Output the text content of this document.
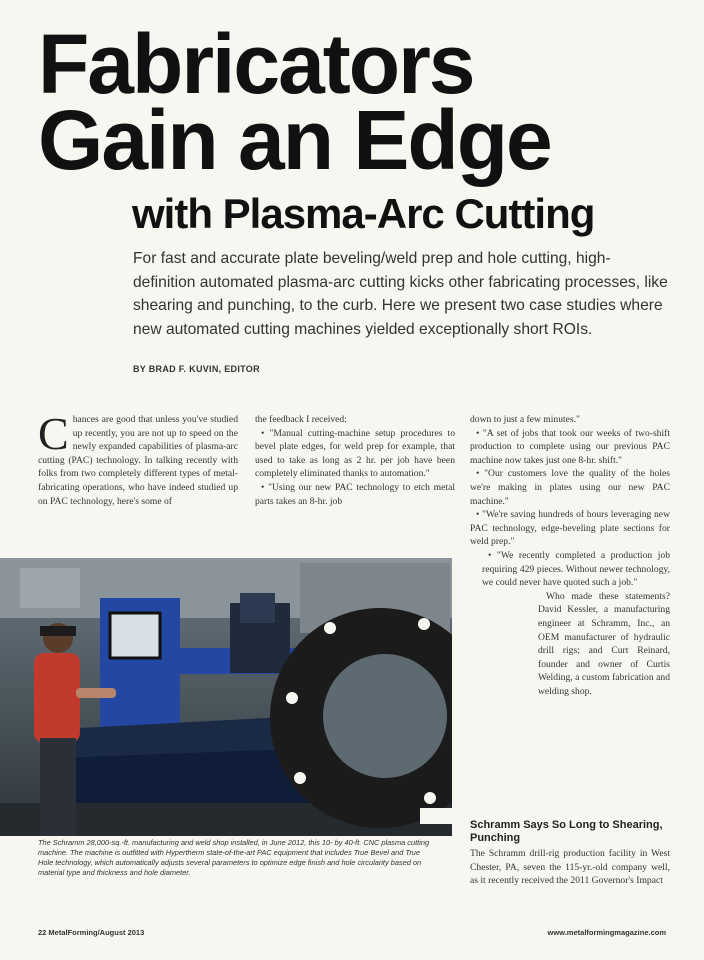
Fabricators
Gain an Edge
with Plasma-Arc Cutting
For fast and accurate plate beveling/weld prep and hole cutting, high-definition automated plasma-arc cutting kicks other fabricating processes, like shearing and punching, to the curb. Here we present two case studies where new automated cutting machines yielded exceptionally short ROIs.
BY BRAD F. KUVIN, EDITOR
C hances are good that unless you've studied up recently, you are not up to speed on the newly expanded capabilities of plasma-arc cutting (PAC) technology. In talking recently with folks from two completely different types of metal-fabricating operations, who have indeed studied up on PAC technology, here's some of

the feedback I received:

• "Manual cutting-machine setup procedures to bevel plate edges, for weld prep for example, that used to take as long as 2 hr. per job have been completely eliminated thanks to automation."

• "Using our new PAC technology to etch metal parts takes an 8-hr. job

down to just a few minutes."

• "A set of jobs that took our weeks of two-shift production to complete using our previous PAC machine now takes just one 8-hr. shift."

• "Our customers love the quality of the holes we're making in plates using our new PAC machine."

• "We're saving hundreds of hours leveraging new PAC technology, edge-beveling plate sections for weld prep."

• "We recently completed a production job requiring 429 pieces. Without newer technology, we could never have quoted such a job."

Who made these statements? David Kessler, a manufacturing engineer at Schramm, Inc., an OEM manufacturer of hydraulic drill rigs; and Curt Reinard, founder and owner of Curtis Welding, a custom fabrication and welding shop.

The Schramm 28,000-sq.-ft. manufacturing and weld shop installed, in June 2012, this 10- by 40-ft. CNC plasma cutting machine. The machine is outfitted with Hypertherm state-of-the-art PAC equipment that includes True Bevel and True Hole technology, which automatically adjusts several parameters to optimize edge finish and hole circularity based on material type and thickness and hole diameter.
Schramm Says So Long to Shearing, Punching
The Schramm drill-rig production facility in West Chester, PA, seven the 115-yr.-old company well, as it recently received the 2011 Governor's Impact
22 MetalForming/August 2013	www.metalformingmagazine.com
